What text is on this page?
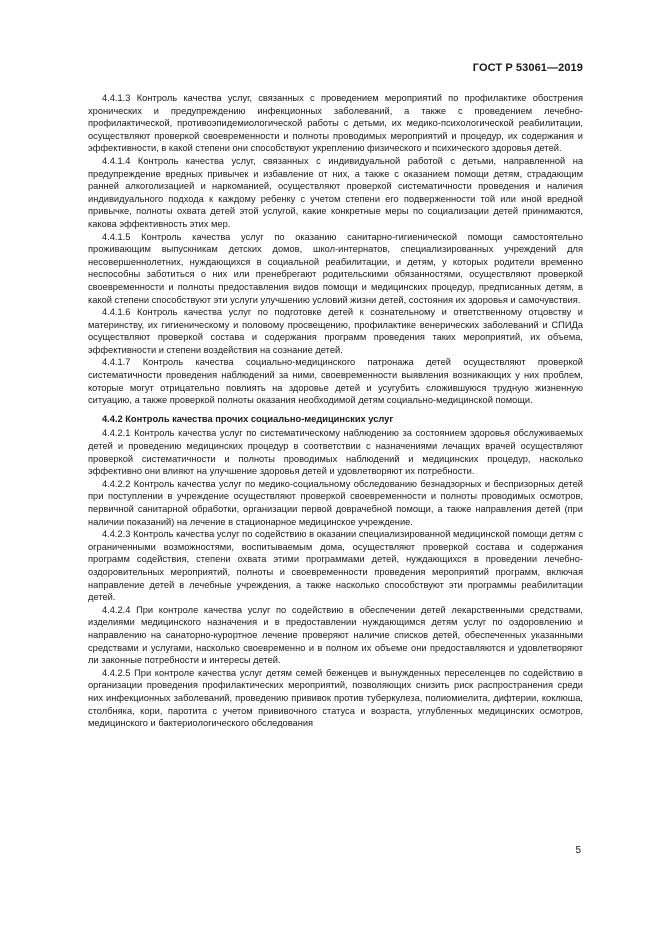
ГОСТ Р 53061—2019

4.4.1.3 Контроль качества услуг, связанных с проведением мероприятий по профилактике обострения хронических и предупреждению инфекционных заболеваний, а также с проведением лечебно-профилактической, противоэпидемиологической работы с детьми, их медико-психологической реабилитации, осуществляют проверкой своевременности и полноты проводимых мероприятий и процедур, их содержания и эффективности, в какой степени они способствуют укреплению физического и психического здоровья детей.

4.4.1.4 Контроль качества услуг, связанных с индивидуальной работой с детьми, направленной на предупреждение вредных привычек и избавление от них, а также с оказанием помощи детям, страдающим ранней алкоголизацией и наркоманией, осуществляют проверкой систематичности проведения и наличия индивидуального подхода к каждому ребенку с учетом степени его подверженности той или иной вредной привычке, полноты охвата детей этой услугой, какие конкретные меры по социализации детей принимаются, какова эффективность этих мер.

4.4.1.5 Контроль качества услуг по оказанию санитарно-гигиенической помощи самостоятельно проживающим выпускникам детских домов, школ-интернатов, специализированных учреждений для несовершеннолетних, нуждающихся в социальной реабилитации, и детям, у которых родители временно неспособны заботиться о них или пренебрегают родительскими обязанностями, осуществляют проверкой своевременности и полноты предоставления видов помощи и медицинских процедур, предписанных детям, в какой степени способствуют эти услуги улучшению условий жизни детей, состояния их здоровья и самочувствия.

4.4.1.6 Контроль качества услуг по подготовке детей к сознательному и ответственному отцовству и материнству, их гигиеническому и половому просвещению, профилактике венерических заболеваний и СПИДа осуществляют проверкой состава и содержания программ проведения таких мероприятий, их объема, эффективности и степени воздействия на сознание детей.

4.4.1.7 Контроль качества социально-медицинского патронажа детей осуществляют проверкой систематичности проведения наблюдений за ними, своевременности выявления возникающих у них проблем, которые могут отрицательно повлиять на здоровье детей и усугубить сложившуюся трудную жизненную ситуацию, а также проверкой полноты оказания необходимой детям социально-медицинской помощи.

4.4.2 Контроль качества прочих социально-медицинских услуг

4.4.2.1 Контроль качества услуг по систематическому наблюдению за состоянием здоровья обслуживаемых детей и проведению медицинских процедур в соответствии с назначениями лечащих врачей осуществляют проверкой систематичности и полноты проводимых наблюдений и медицинских процедур, насколько эффективно они влияют на улучшение здоровья детей и удовлетворяют их потребности.

4.4.2.2 Контроль качества услуг по медико-социальному обследованию безнадзорных и беспризорных детей при поступлении в учреждение осуществляют проверкой своевременности и полноты проводимых осмотров, первичной санитарной обработки, организации первой доврачебной помощи, а также направления детей (при наличии показаний) на лечение в стационарное медицинское учреждение.

4.4.2.3 Контроль качества услуг по содействию в оказании специализированной медицинской помощи детям с ограниченными возможностями, воспитываемым дома, осуществляют проверкой состава и содержания программ содействия, степени охвата этими программами детей, нуждающихся в проведении лечебно-оздоровительных мероприятий, полноты и своевременности проведения мероприятий программ, включая направление детей в лечебные учреждения, а также насколько способствуют эти программы реабилитации детей.

4.4.2.4 При контроле качества услуг по содействию в обеспечении детей лекарственными средствами, изделиями медицинского назначения и в предоставлении нуждающимся детям услуг по оздоровлению и направлению на санаторно-курортное лечение проверяют наличие списков детей, обеспеченных указанными средствами и услугами, насколько своевременно и в полном их объеме они предоставляются и удовлетворяют ли законные потребности и интересы детей.

4.4.2.5 При контроле качества услуг детям семей беженцев и вынужденных переселенцев по содействию в организации проведения профилактических мероприятий, позволяющих снизить риск распространения среди них инфекционных заболеваний, проведению прививок против туберкулеза, полиомиелита, дифтерии, коклюша, столбняка, кори, паротита с учетом прививочного статуса и возраста, углубленных медицинских осмотров, медицинского и бактериологического обследования

5
